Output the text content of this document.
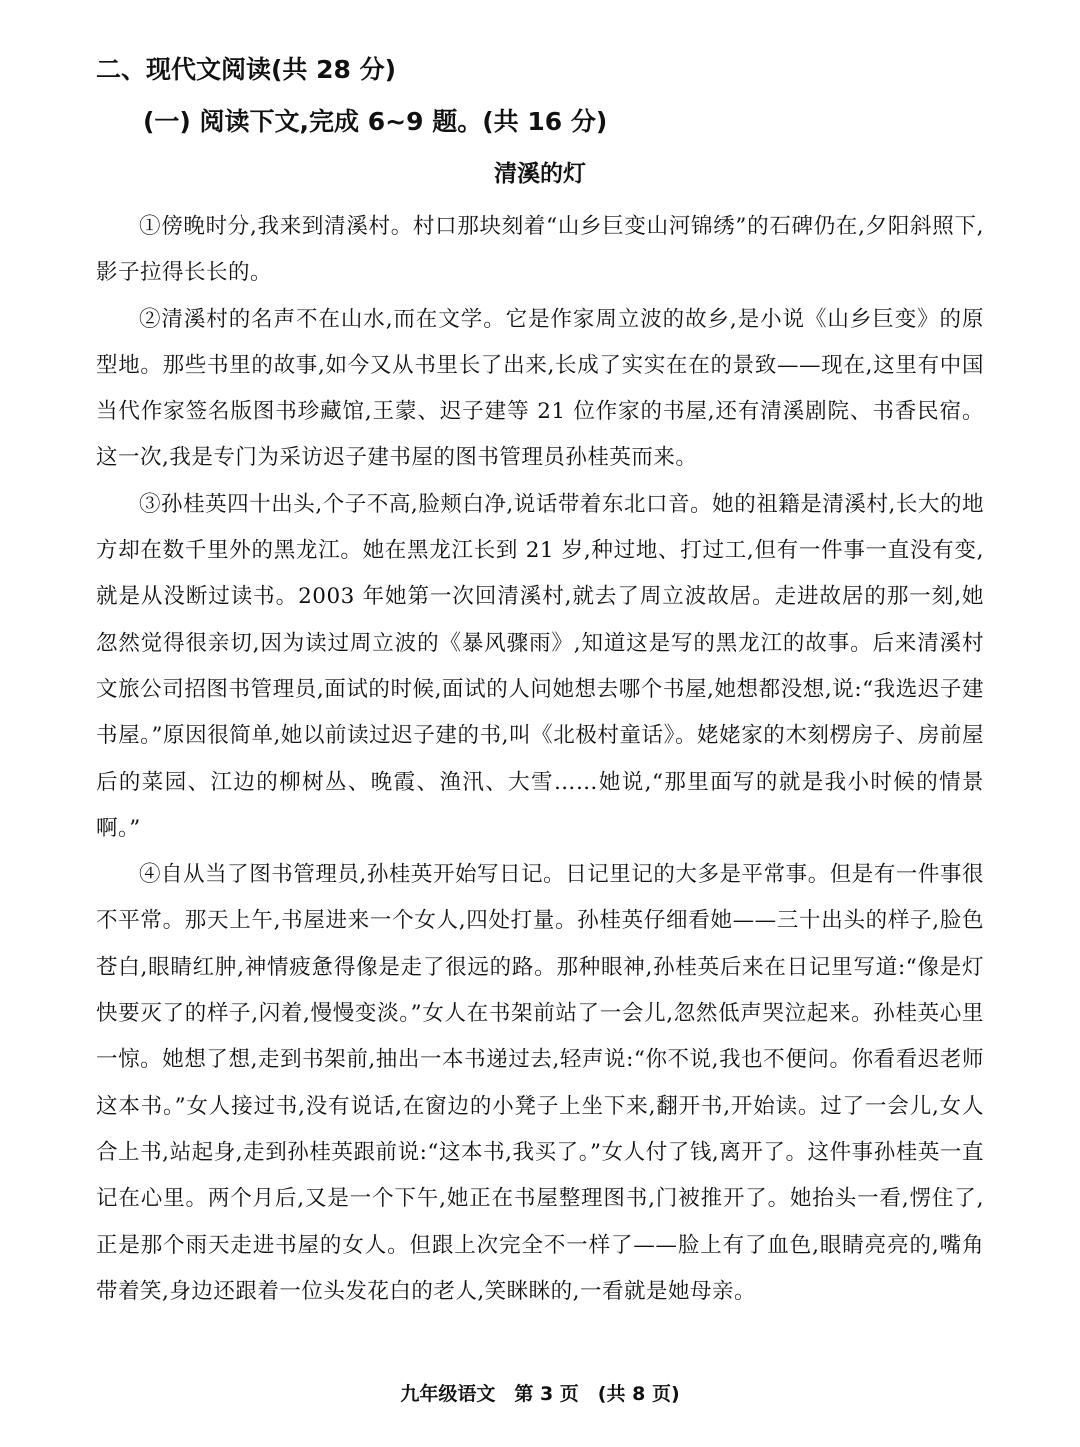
二、现代文阅读(共 28 分)
(一) 阅读下文,完成 6~9 题。(共 16 分)
清溪的灯

①傍晚时分,我来到清溪村。村口那块刻着“山乡巨变山河锦绣”的石碑仍在,夕阳斜照下,影子拉得长长的。

②清溪村的名声不在山水,而在文学。它是作家周立波的故乡,是小说《山乡巨变》的原型地。那些书里的故事,如今又从书里长了出来,长成了实实在在的景致——现在,这里有中国当代作家签名版图书珍藏馆,王蒙、迟子建等 21 位作家的书屋,还有清溪剧院、书香民宿。这一次,我是专门为采访迟子建书屋的图书管理员孙桂英而来。

③孙桂英四十出头,个子不高,脸颊白净,说话带着东北口音。她的祖籍是清溪村,长大的地方却在数千里外的黑龙江。她在黑龙江长到 21 岁,种过地、打过工,但有一件事一直没有变,就是从没断过读书。2003 年她第一次回清溪村,就去了周立波故居。走进故居的那一刻,她忽然觉得很亲切,因为读过周立波的《暴风骤雨》,知道这是写的黑龙江的故事。后来清溪村文旅公司招图书管理员,面试的时候,面试的人问她想去哪个书屋,她想都没想,说:“我选迟子建书屋。”原因很简单,她以前读过迟子建的书,叫《北极村童话》。姥姥家的木刻楞房子、房前屋后的菜园、江边的柳树丛、晚霞、渔汛、大雪……她说,“那里面写的就是我小时候的情景啊。”

④自从当了图书管理员,孙桂英开始写日记。日记里记的大多是平常事。但是有一件事很不平常。那天上午,书屋进来一个女人,四处打量。孙桂英仔细看她——三十出头的样子,脸色苍白,眼睛红肿,神情疲惫得像是走了很远的路。那种眼神,孙桂英后来在日记里写道:“像是灯快要灭了的样子,闪着,慢慢变淡。”女人在书架前站了一会儿,忽然低声哭泣起来。孙桂英心里一惊。她想了想,走到书架前,抽出一本书递过去,轻声说:“你不说,我也不便问。你看看迟老师这本书。”女人接过书,没有说话,在窗边的小凳子上坐下来,翻开书,开始读。过了一会儿,女人合上书,站起身,走到孙桂英跟前说:“这本书,我买了。”女人付了钱,离开了。这件事孙桂英一直记在心里。两个月后,又是一个下午,她正在书屋整理图书,门被推开了。她抬头一看,愣住了,正是那个雨天走进书屋的女人。但跟上次完全不一样了——脸上有了血色,眼睛亮亮的,嘴角带着笑,身边还跟着一位头发花白的老人,笑眯眯的,一看就是她母亲。

九年级语文　第 3 页　(共 8 页)
